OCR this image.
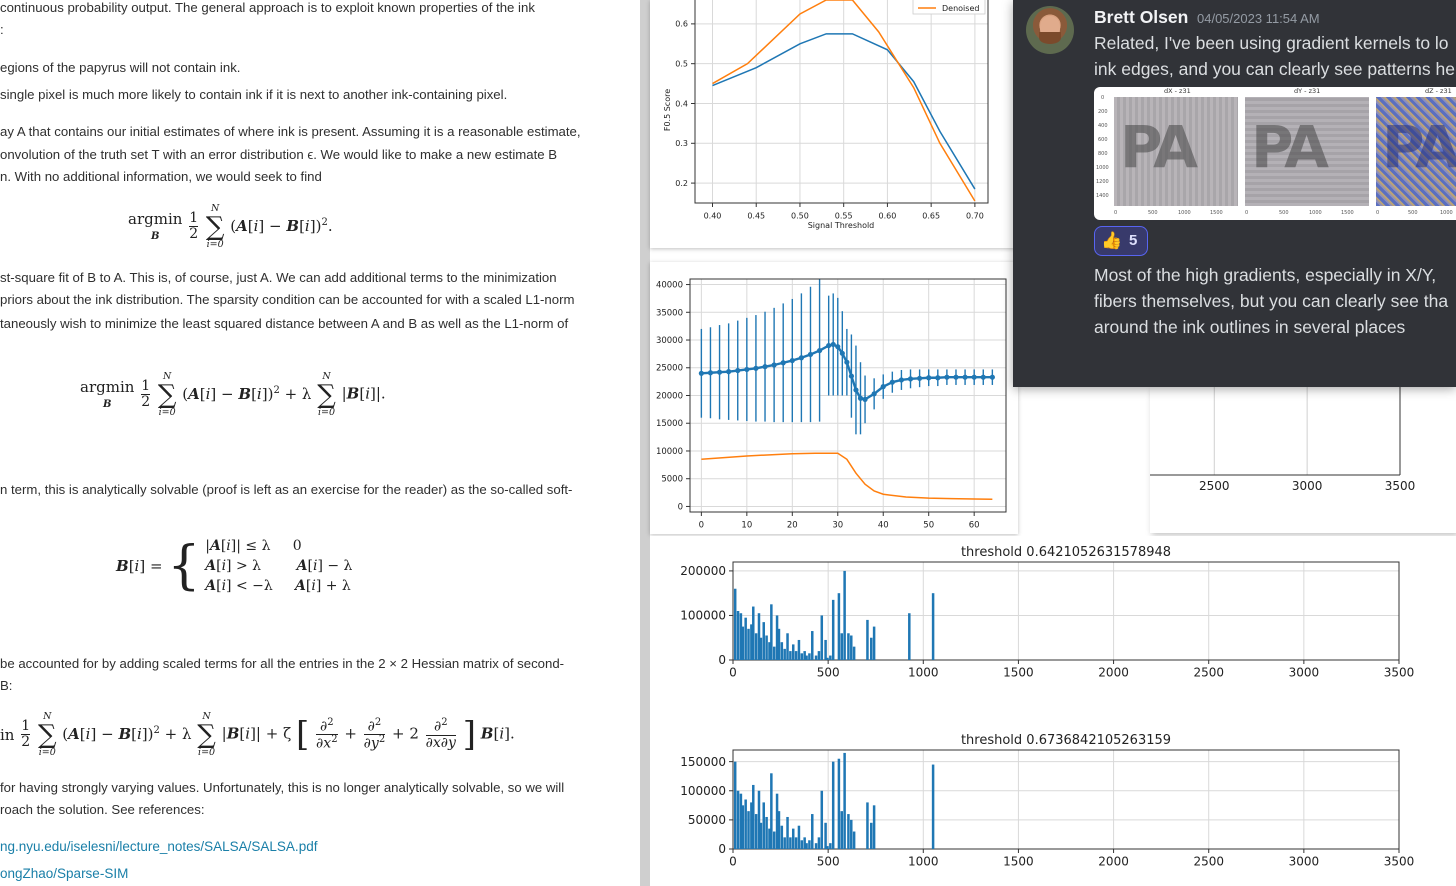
continuous probability output. The general approach is to exploit known properties of the ink
:
egions of the papyrus will not contain ink.
single pixel is much more likely to contain ink if it is next to another ink-containing pixel.
ay A that contains our initial estimates of where ink is present. Assuming it is a reasonable estimate,
onvolution of the truth set T with an error distribution ϵ. We would like to make a new estimate B
n. With no additional information, we would seek to find
argmin
B 1
2

N
∑
i=0
$(A[i] - B[i])^2$.
st-square fit of B to A. This is, of course, just A. We can add additional terms to the minimization
priors about the ink distribution. The sparsity condition can be accounted for with a scaled L1-norm
taneously wish to minimize the least squared distance between A and B as well as the L1-norm of
argmin
B 1
2

N
∑
i=0
$(A[i] - B[i])^2 + \lambda$
N
∑
i=0
|B[i]|.
n term, this is analytically solvable (proof is left as an exercise for the reader) as the so-called soft-
B[i] = { |A[i]| ≤ λ     0
A[i] > λ        A[i] − λ
A[i] < −λ     A[i] + λ
be accounted for by adding scaled terms for all the entries in the 2 × 2 Hessian matrix of second-
B:
in 1
2

N
∑
i=0
$(A[i] - B[i])^2 + \lambda$
N
∑
i=0
|B[i]| + ζ [ ∂$^2$
$\partial x^2 + \partial^2$
$\partial y^2 + 2$ ∂$^2$
∂x∂y ] B[i].
for having strongly varying values. Unfortunately, this is no longer analytically solvable, so we will
roach the solution. See references:
ng.nyu.edu/iselesni/lecture_notes/SALSA/SALSA.pdf
ongZhao/Sparse-SIM
0.40	0.45	0.50	0.55	0.60	0.65	0.70
0.2
0.3
0.4
0.5
0.6
Denoised
Signal Threshold
F0.5 Score
0	10	20	30	40	50	60
0
5000
10000
15000
20000
25000
30000
35000
40000
2500	3000	3500
0	500	1000	1500	2000	2500	3000	3500
0
100000
200000
threshold 0.6421052631578948
0	500	1000	1500	2000	2500	3000	3500
0
50000
100000
150000
threshold 0.6736842105263159
Brett Olsen 04/05/2023 11:54 AM
Related, I've been using gradient kernels to lo
ink edges, and you can clearly see patterns he
PA PA PA
dX - z31	dY - z31	dZ - z31
0
200
400
600
800
1000
1200
1400
0	500	1000	1500	0	500	1000	1500	0	500	1000
👍 5
Most of the high gradients, especially in X/Y,
fibers themselves, but you can clearly see tha
around the ink outlines in several places
